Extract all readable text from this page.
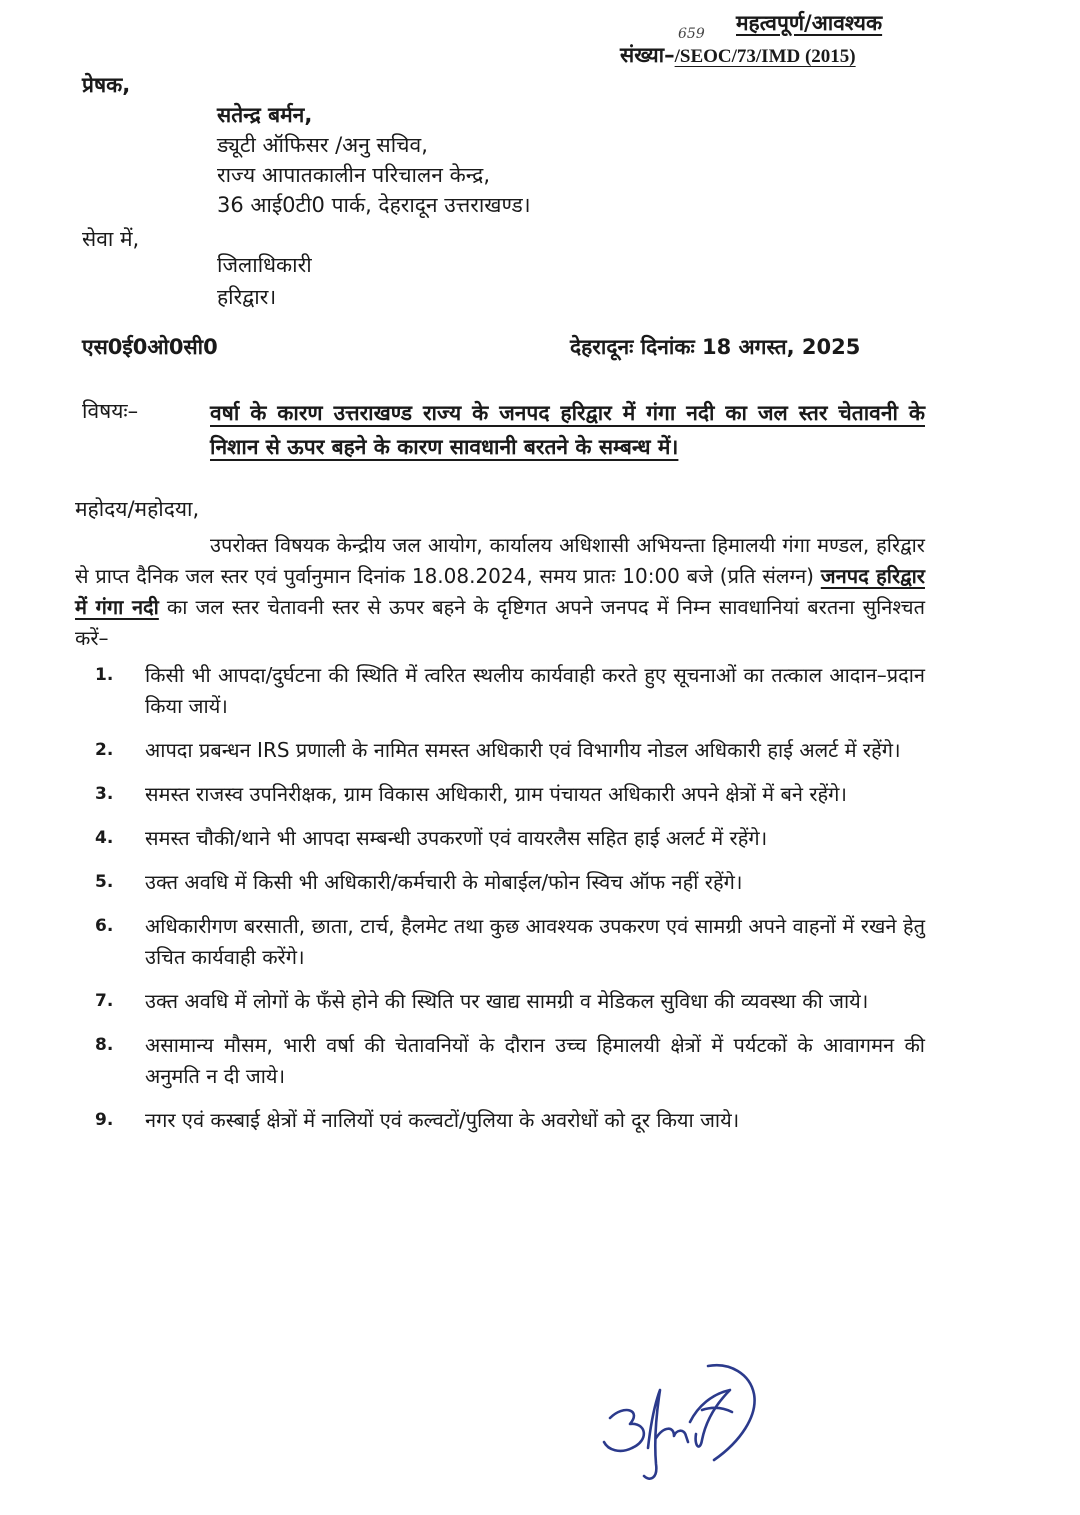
महत्वपूर्ण/आवश्यक
659
संख्या–/SEOC/73/IMD (2015)
प्रेषक,
सतेन्द्र बर्मन,
ड्यूटी ऑफिसर /अनु सचिव,
राज्य आपातकालीन परिचालन केन्द्र,
36 आई0टी0 पार्क, देहरादून उत्तराखण्ड।
सेवा में,
जिलाधिकारी
हरिद्वार।
एस0ई0ओ0सी0	देहरादूनः दिनांकः 18 अगस्त, 2025
विषयः–	वर्षा के कारण उत्तराखण्ड राज्य के जनपद हरिद्वार में गंगा नदी का जल स्तर चेतावनी के निशान से ऊपर बहने के कारण सावधानी बरतने के सम्बन्ध में।
महोदय/महोदया,
उपरोक्त विषयक केन्द्रीय जल आयोग, कार्यालय अधिशासी अभियन्ता हिमालयी गंगा मण्डल, हरिद्वार से प्राप्त दैनिक जल स्तर एवं पुर्वानुमान दिनांक 18.08.2024, समय प्रातः 10:00 बजे (प्रति संलग्न) जनपद हरिद्वार में गंगा नदी का जल स्तर चेतावनी स्तर से ऊपर बहने के दृष्टिगत अपने जनपद में निम्न सावधानियां बरतना सुनिश्चत करें–
1. किसी भी आपदा/दुर्घटना की स्थिति में त्वरित स्थलीय कार्यवाही करते हुए सूचनाओं का तत्काल आदान–प्रदान किया जायें।
2. आपदा प्रबन्धन IRS प्रणाली के नामित समस्त अधिकारी एवं विभागीय नोडल अधिकारी हाई अलर्ट में रहेंगे।
3. समस्त राजस्व उपनिरीक्षक, ग्राम विकास अधिकारी, ग्राम पंचायत अधिकारी अपने क्षेत्रों में बने रहेंगे।
4. समस्त चौकी/थाने भी आपदा सम्बन्धी उपकरणों एवं वायरलैस सहित हाई अलर्ट में रहेंगे।
5. उक्त अवधि में किसी भी अधिकारी/कर्मचारी के मोबाईल/फोन स्विच ऑफ नहीं रहेंगे।
6. अधिकारीगण बरसाती, छाता, टार्च, हैलमेट तथा कुछ आवश्यक उपकरण एवं सामग्री अपने वाहनों में रखने हेतु उचित कार्यवाही करेंगे।
7. उक्त अवधि में लोगों के फँसे होने की स्थिति पर खाद्य सामग्री व मेडिकल सुविधा की व्यवस्था की जाये।
8. असामान्य मौसम, भारी वर्षा की चेतावनियों के दौरान उच्च हिमालयी क्षेत्रों में पर्यटकों के आवागमन की अनुमति न दी जाये।
9. नगर एवं कस्बाई क्षेत्रों में नालियों एवं कल्वटों/पुलिया के अवरोधों को दूर किया जाये।
